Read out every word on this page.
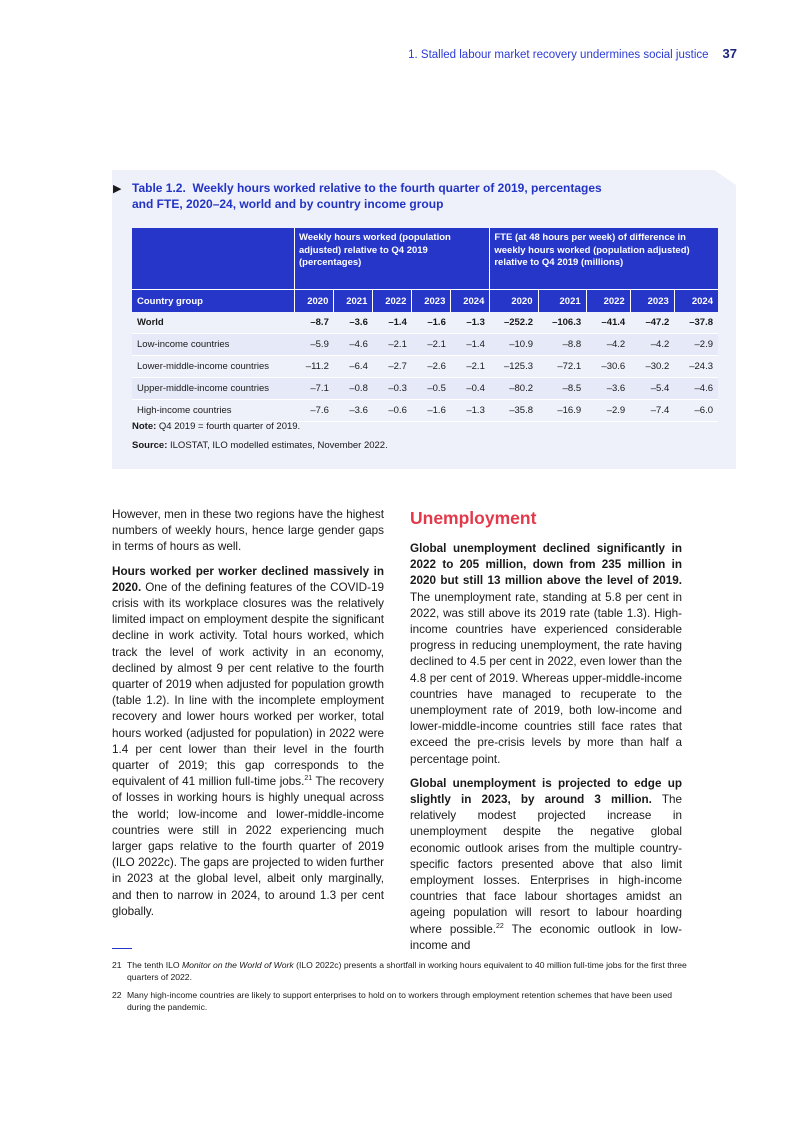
1. Stalled labour market recovery undermines social justice 37
▶ Table 1.2. Weekly hours worked relative to the fourth quarter of 2019, percentages and FTE, 2020–24, world and by country income group
	Weekly hours worked (population adjusted) relative to Q4 2019 (percentages)					FTE (at 48 hours per week) of difference in weekly hours worked (population adjusted) relative to Q4 2019 (millions)				
Country group	2020	2021	2022	2023	2024	2020	2021	2022	2023	2024
World	–8.7	–3.6	–1.4	–1.6	–1.3	–252.2	–106.3	–41.4	–47.2	–37.8
Low-income countries	–5.9	–4.6	–2.1	–2.1	–1.4	–10.9	–8.8	–4.2	–4.2	–2.9
Lower-middle-income countries	–11.2	–6.4	–2.7	–2.6	–2.1	–125.3	–72.1	–30.6	–30.2	–24.3
Upper-middle-income countries	–7.1	–0.8	–0.3	–0.5	–0.4	–80.2	–8.5	–3.6	–5.4	–4.6
High-income countries	–7.6	–3.6	–0.6	–1.6	–1.3	–35.8	–16.9	–2.9	–7.4	–6.0
Note: Q4 2019 = fourth quarter of 2019.
Source: ILOSTAT, ILO modelled estimates, November 2022.

However, men in these two regions have the highest numbers of weekly hours, hence large gender gaps in terms of hours as well.

Hours worked per worker declined massively in 2020. One of the defining features of the COVID-19 crisis with its workplace closures was the relatively limited impact on employment despite the significant decline in work activity. Total hours worked, which track the level of work activity in an economy, declined by almost 9 per cent relative to the fourth quarter of 2019 when adjusted for population growth (table 1.2). In line with the incomplete employment recovery and lower hours worked per worker, total hours worked (adjusted for population) in 2022 were 1.4 per cent lower than their level in the fourth quarter of 2019; this gap corresponds to the equivalent of 41 million full-time jobs.$^{21}$ The recovery of losses in working hours is highly unequal across the world; low-income and lower-middle-income countries were still in 2022 experiencing much larger gaps relative to the fourth quarter of 2019 (ILO 2022c). The gaps are projected to widen further in 2023 at the global level, albeit only marginally, and then to narrow in 2024, to around 1.3 per cent globally.

Unemployment

Global unemployment declined significantly in 2022 to 205 million, down from 235 million in 2020 but still 13 million above the level of 2019. The unemployment rate, standing at 5.8 per cent in 2022, was still above its 2019 rate (table 1.3). High-income countries have experienced considerable progress in reducing unemployment, the rate having declined to 4.5 per cent in 2022, even lower than the 4.8 per cent of 2019. Whereas upper-middle-income countries have managed to recuperate to the unemployment rate of 2019, both low-income and lower-middle-income countries still face rates that exceed the pre-crisis levels by more than half a percentage point.

Global unemployment is projected to edge up slightly in 2023, by around 3 million. The relatively modest projected increase in unemployment despite the negative global economic outlook arises from the multiple country-specific factors presented above that also limit employment losses. Enterprises in high-income countries that face labour shortages amidst an ageing population will resort to labour hoarding where possible.$^{22}$ The economic outlook in low-income and

21 The tenth ILO Monitor on the World of Work (ILO 2022c) presents a shortfall in working hours equivalent to 40 million full-time jobs for the first three quarters of 2022.
22 Many high-income countries are likely to support enterprises to hold on to workers through employment retention schemes that have been used during the pandemic.
